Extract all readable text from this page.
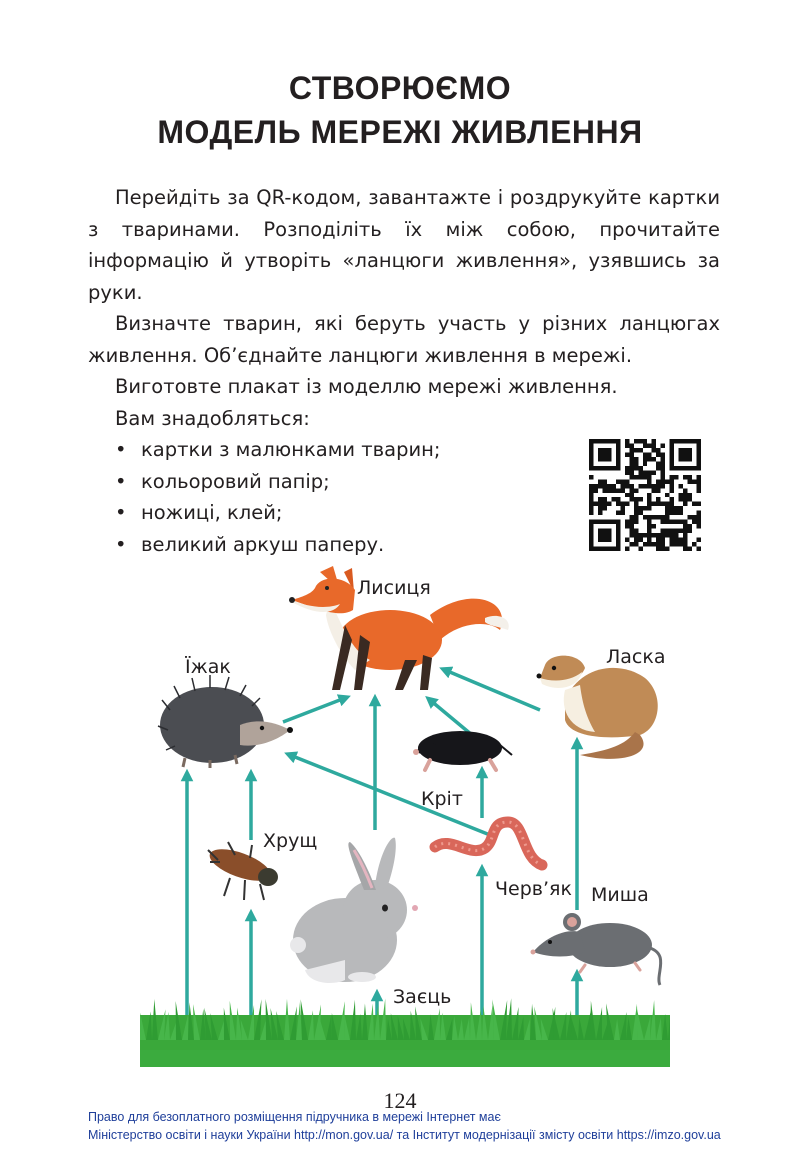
СТВОРЮЄМО
МОДЕЛЬ МЕРЕЖІ ЖИВЛЕННЯ

Перейдіть за QR-кодом, завантажте і роздрукуйте картки з тваринами. Розподіліть їх між собою, прочитайте інформацію й утворіть «ланцюги живлення», узявшись за руки.

Визначте тварин, які беруть участь у різних ланцюгах живлення. Об’єднайте ланцюги живлення в мережі.

Виготовте плакат із моделлю мережі живлення.

Вам знадобляться:

• картки з малюнками тварин;
• кольоровий папір;
• ножиці, клей;
• великий аркуш паперу.
Лисиця
Їжак	Ласка
Кріт
Хрущ
Черв’як Миша
Заєць
124
Право для безоплатного розміщення підручника в мережі Інтернет має
Міністерство освіти і науки України http://mon.gov.ua/ та Інститут модернізації змісту освіти https://imzo.gov.ua
